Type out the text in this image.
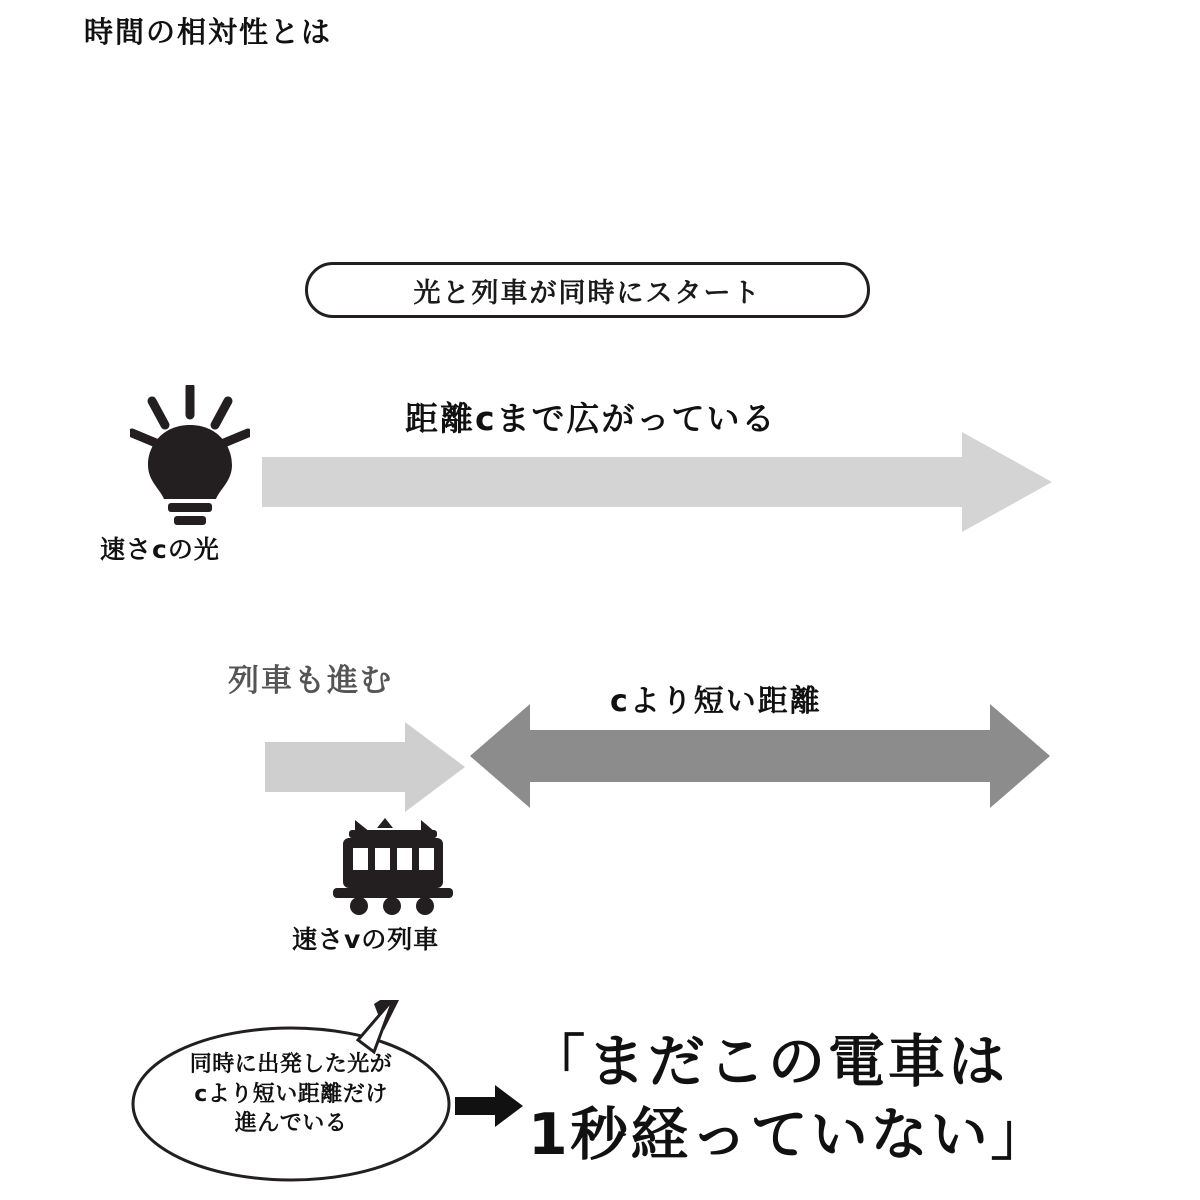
時間の相対性とは
光と列車が同時にスタート
速さcの光
距離cまで広がっている
列車も進む
cより短い距離
速さvの列車
同時に出発した光が
cより短い距離だけ
進んでいる
「まだこの電車は
1秒経っていない」
